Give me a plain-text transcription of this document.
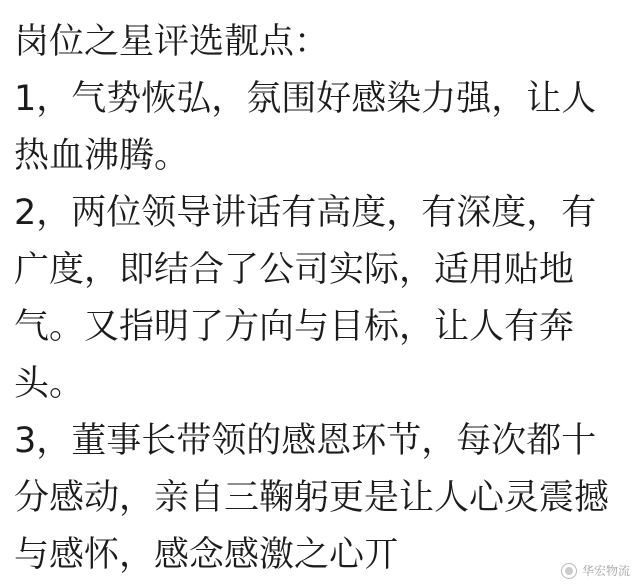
岗位之星评选靓点：

1，气势恢弘，氛围好感染力强，让人热血沸腾。

2，两位领导讲话有高度，有深度，有广度，即结合了公司实际，适用贴地气。又指明了方向与目标，让人有奔头。

3，董事长带领的感恩环节，每次都十分感动，亲自三鞠躬更是让人心灵震撼与感怀，感念感激之心丌	华宏物流
